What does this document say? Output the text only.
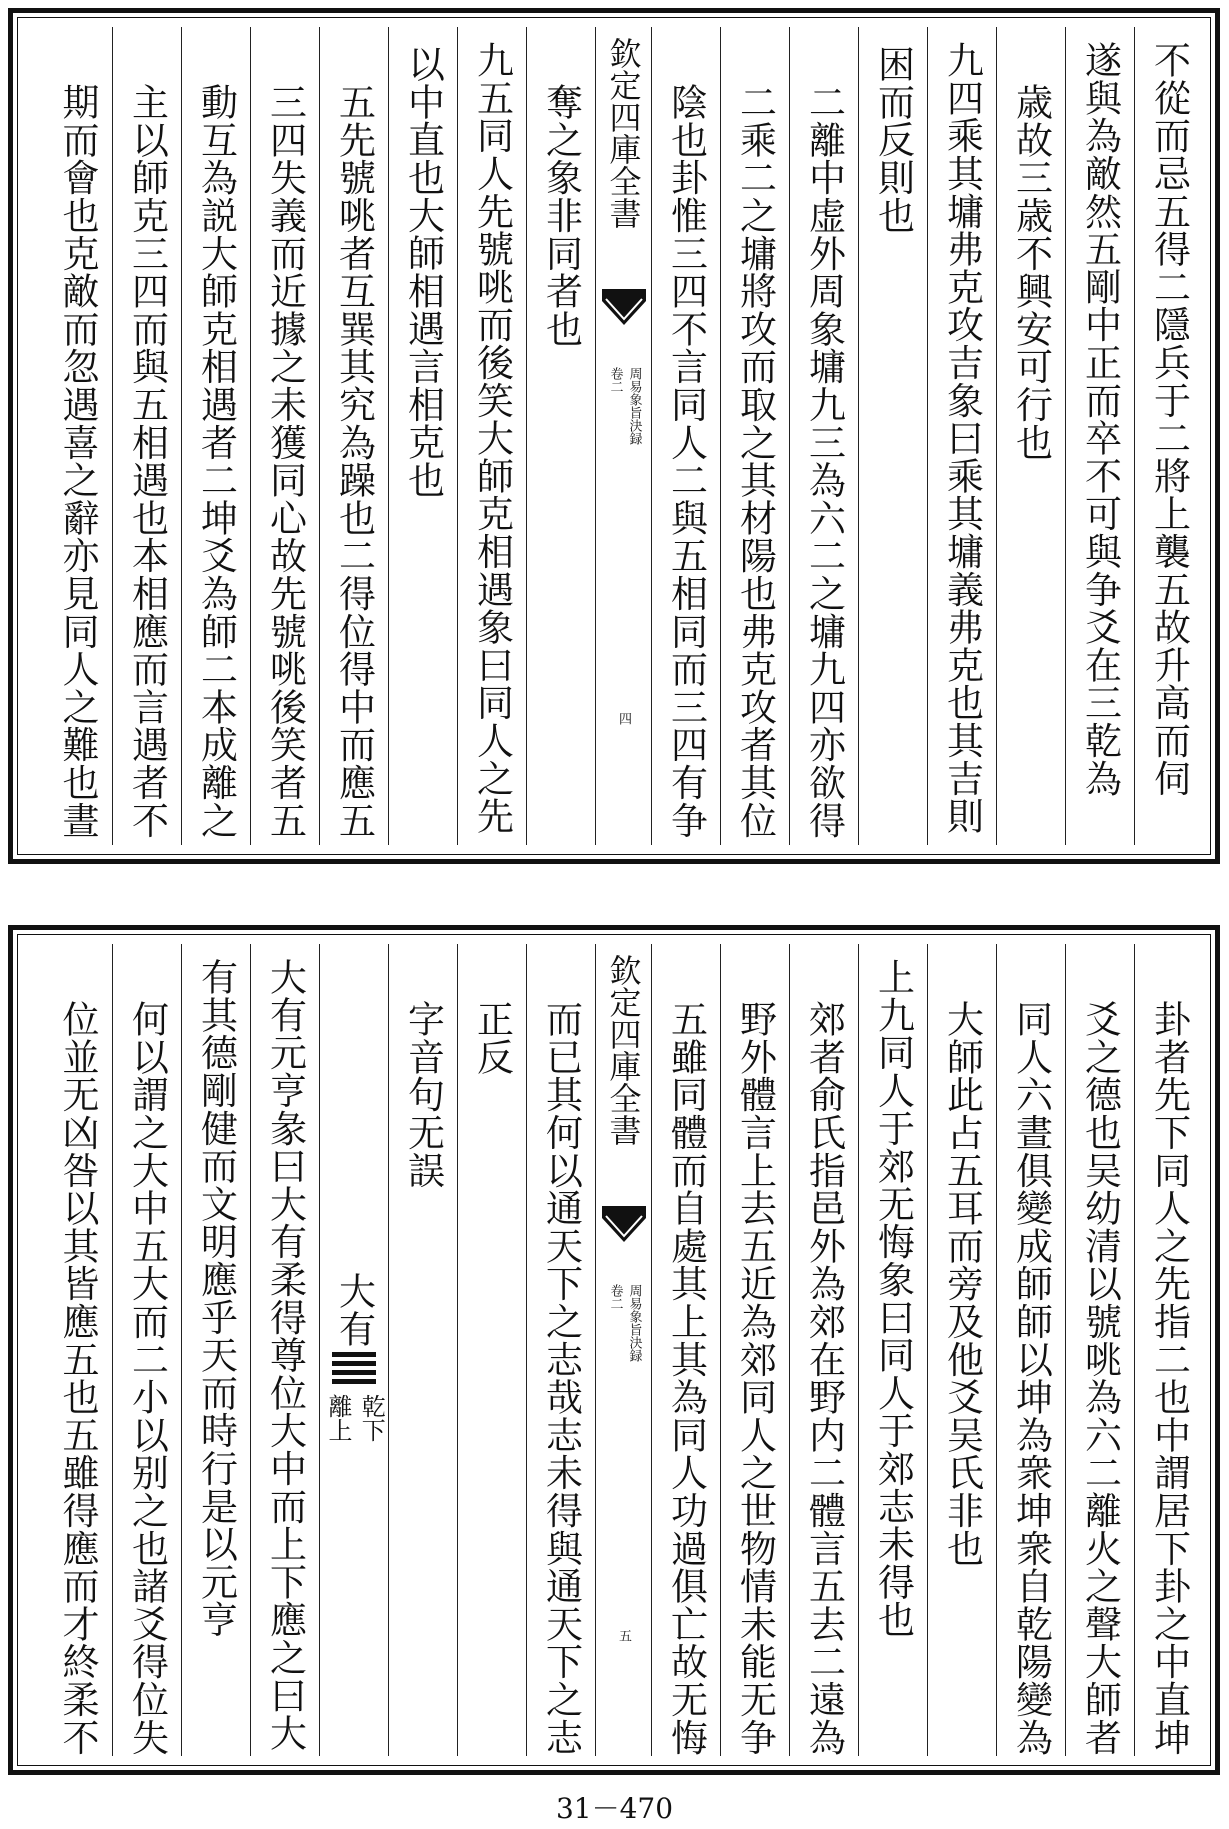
不從而忌五得二隱兵于二將上襲五故升高而伺
遂與為敵然五剛中正而卒不可與争爻在三乾為
歳故三歳不興安可行也
九四乘其墉弗克攻吉象曰乘其墉義弗克也其吉則
困而反則也
二離中虚外周象墉九三為六二之墉九四亦欲得
二乘二之墉將攻而取之其材陽也弗克攻者其位
陰也卦惟三四不言同人二與五相同而三四有争
欽定四庫全書
周易象旨決録
卷二
四
奪之象非同者也
九五同人先號咷而後笑大師克相遇象曰同人之先
以中直也大師相遇言相克也
五先號咷者互巽其究為躁也二得位得中而應五
三四失義而近據之未獲同心故先號咷後笑者五
動互為説大師克相遇者二坤爻為師二本成離之
主以師克三四而與五相遇也本相應而言遇者不
期而會也克敵而忽遇喜之辭亦見同人之難也晝
卦者先下同人之先指二也中謂居下卦之中直坤
爻之德也吴幼清以號咷為六二離火之聲大師者
同人六晝俱變成師師以坤為衆坤衆自乾陽變為
大師此占五耳而旁及他爻吴氏非也
上九同人于郊无悔象曰同人于郊志未得也
郊者俞氏指邑外為郊在野内二體言五去二遠為
野外體言上去五近為郊同人之世物情未能无争
五雖同體而自處其上其為同人功過俱亡故无悔
欽定四庫全書
周易象旨決録
卷二
五
而已其何以通天下之志哉志未得與通天下之志
正反
字音句无誤
大有
乾下
離上
大有元亨彖曰大有柔得尊位大中而上下應之曰大
有其德剛健而文明應乎天而時行是以元亨
何以謂之大中五大而二小以别之也諸爻得位失
位並无凶咎以其皆應五也五雖得應而才終柔不
31－470
